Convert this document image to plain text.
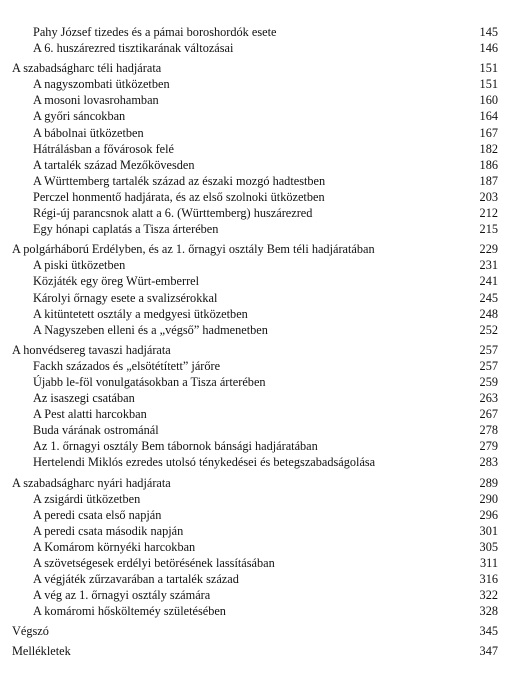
Pahy József tizedes és a pámai boroshordók esete	145
A 6. huszárezred tisztikarának változásai	146
A szabadságharc téli hadjárata	151
A nagyszombati ütközetben	151
A mosoni lovasrohamban	160
A győri sáncokban	164
A bábolnai ütközetben	167
Hátrálásban a fővárosok felé	182
A tartalék század Mezőkövesden	186
A Württemberg tartalék század az északi mozgó hadtestben	187
Perczel honmentő hadjárata, és az első szolnoki ütközetben	203
Régi-új parancsnok alatt a 6. (Württemberg) huszárezred	212
Egy hónapi caplatás a Tisza árterében	215
A polgárháború Erdélyben, és az 1. őrnagyi osztály Bem téli hadjáratában	229
A piski ütközetben	231
Közjáték egy öreg Würt-emberrel	241
Károlyi őrnagy esete a svalizsérokkal	245
A kitüntetett osztály a medgyesi ütközetben	248
A Nagyszeben elleni és a „végső” hadmenetben	252
A honvédsereg tavaszi hadjárata	257
Fackh százados és „elsötétített” járőre	257
Újabb le-föl vonulgatásokban a Tisza árterében	259
Az isaszegi csatában	263
A Pest alatti harcokban	267
Buda várának ostrománál	278
Az 1. őrnagyi osztály Bem tábornok bánsági hadjáratában	279
Hertelendi Miklós ezredes utolsó ténykedései és betegszabadságolása	283
A szabadságharc nyári hadjárata	289
A zsigárdi ütközetben	290
A peredi csata első napján	296
A peredi csata második napján	301
A Komárom környéki harcokban	305
A szövetségesek erdélyi betörésének lassításában	311
A végjáték zűrzavarában a tartalék század	316
A vég az 1. őrnagyi osztály számára	322
A komáromi hőskölteméy születésében	328
Végszó	345
Mellékletek	347
